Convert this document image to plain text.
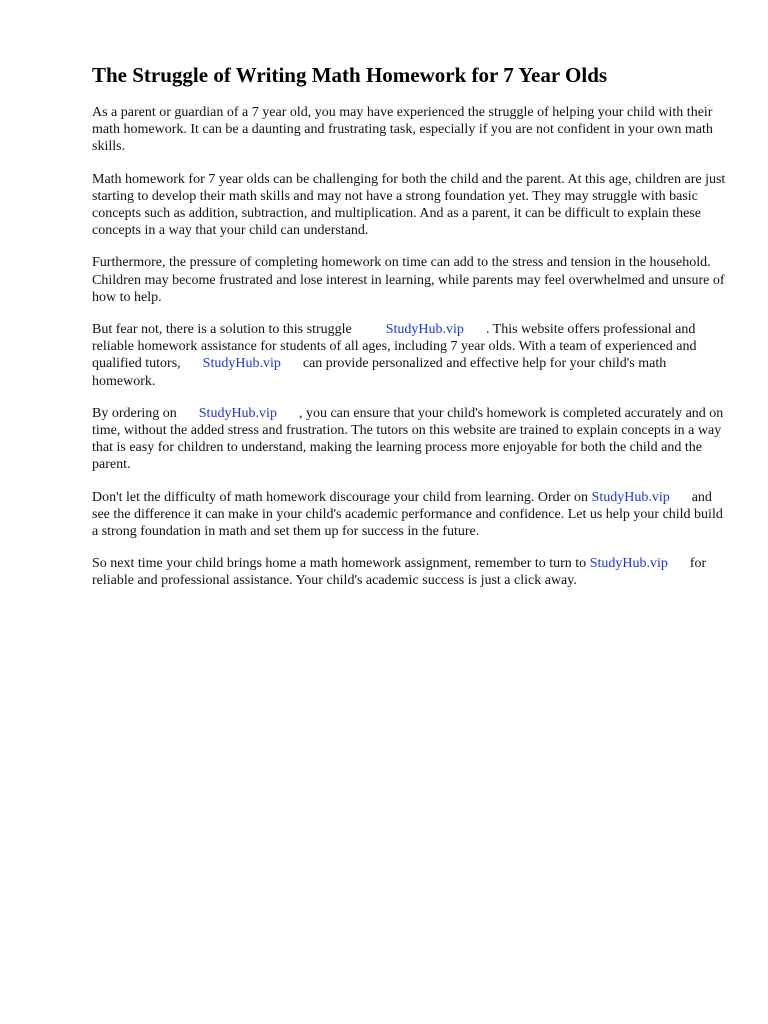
The Struggle of Writing Math Homework for 7 Year Olds

As a parent or guardian of a 7 year old, you may have experienced the struggle of helping your child with their math homework. It can be a daunting and frustrating task, especially if you are not confident in your own math skills.

Math homework for 7 year olds can be challenging for both the child and the parent. At this age, children are just starting to develop their math skills and may not have a strong foundation yet. They may struggle with basic concepts such as addition, subtraction, and multiplication. And as a parent, it can be difficult to explain these concepts in a way that your child can understand.

Furthermore, the pressure of completing homework on time can add to the stress and tension in the household. Children may become frustrated and lose interest in learning, while parents may feel overwhelmed and unsure of how to help.

But fear not, there is a solution to this struggle StudyHub.vip . This website offers professional and reliable homework assistance for students of all ages, including 7 year olds. With a team of experienced and qualified tutors, StudyHub.vip can provide personalized and effective help for your child's math homework.

By ordering on StudyHub.vip , you can ensure that your child's homework is completed accurately and on time, without the added stress and frustration. The tutors on this website are trained to explain concepts in a way that is easy for children to understand, making the learning process more enjoyable for both the child and the parent.

Don't let the difficulty of math homework discourage your child from learning. Order on StudyHub.vip and see the difference it can make in your child's academic performance and confidence. Let us help your child build a strong foundation in math and set them up for success in the future.

So next time your child brings home a math homework assignment, remember to turn to StudyHub.vip for reliable and professional assistance. Your child's academic success is just a click away.
